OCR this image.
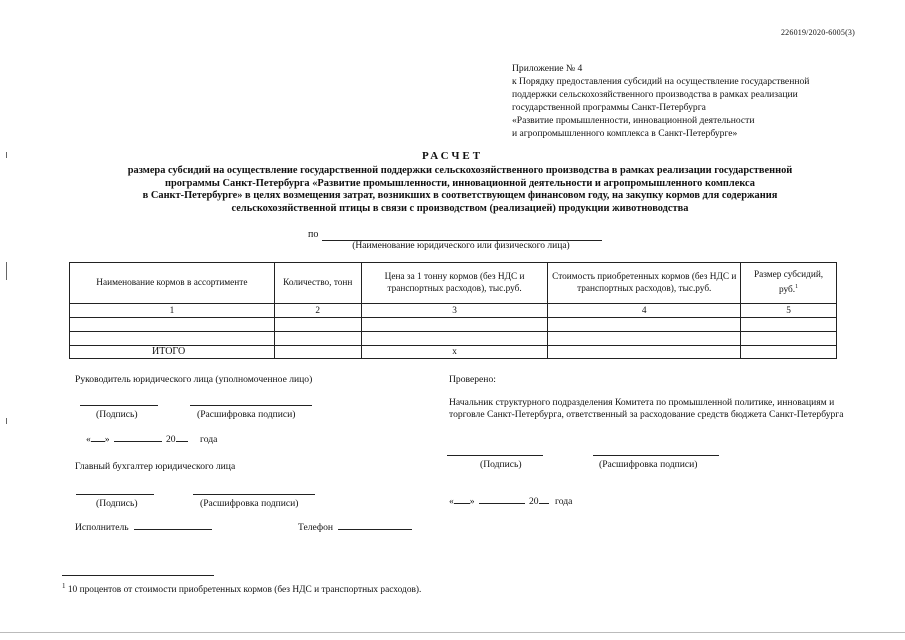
226019/2020-6005(3)
Приложение № 4
к Порядку предоставления субсидий на осуществление государственной
поддержки сельскохозяйственного производства в рамках реализации
государственной программы Санкт-Петербурга
«Развитие промышленности, инновационной деятельности
и агропромышленного комплекса в Санкт-Петербурге»
РАСЧЕТ
размера субсидий на осуществление государственной поддержки сельскохозяйственного производства в рамках реализации государственной
программы Санкт-Петербурга «Развитие промышленности, инновационной деятельности и агропромышленного комплекса
в Санкт-Петербурге» в целях возмещения затрат, возникших в соответствующем финансовом году, на закупку кормов для содержания
сельскохозяйственной птицы в связи с производством (реализацией) продукции животноводства
по
(Наименование юридического или физического лица)
Наименование кормов в ассортименте	Количество, тонн	Цена за 1 тонну кормов (без НДС и транспортных расходов), тыс.руб.	Стоимость приобретенных кормов (без НДС и транспортных расходов), тыс.руб.	Размер субсидий, руб.$^1$
1	2	3	4	5

ИТОГО		х		
Руководитель юридического лица (уполномоченное лицо)
(Подпись)	(Расшифровка подписи)
« »	20	года
Главный бухгалтер юридического лица
(Подпись)	(Расшифровка подписи)
Исполнитель	Телефон
Проверено:
Начальник структурного подразделения Комитета по промышленной политике, инновациям и торговле Санкт-Петербурга, ответственный за расходование средств бюджета Санкт-Петербурга
(Подпись)	(Расшифровка подписи)
« »	20 года
$^1$ 10 процентов от стоимости приобретенных кормов (без НДС и транспортных расходов).
